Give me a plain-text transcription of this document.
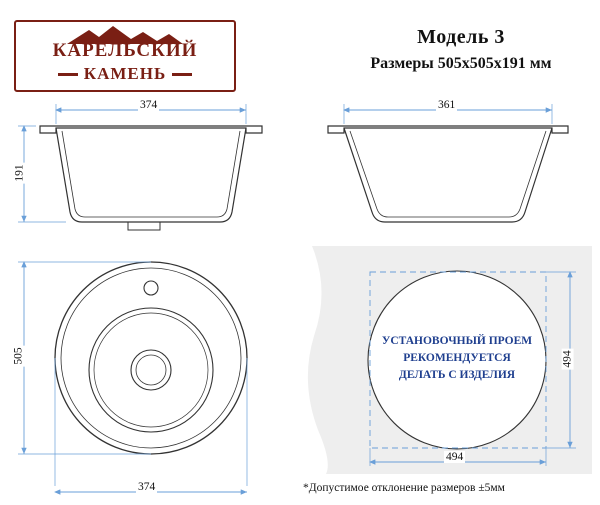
КАРЕЛЬСКИЙ
КАМЕНЬ
Модель 3
Размеры 505x505x191 мм
374
191
361
374
505
494
494
УСТАНОВОЧНЫЙ ПРОЕМ
РЕКОМЕНДУЕТСЯ
ДЕЛАТЬ С ИЗДЕЛИЯ
*Допустимое отклонение размеров ±5мм
